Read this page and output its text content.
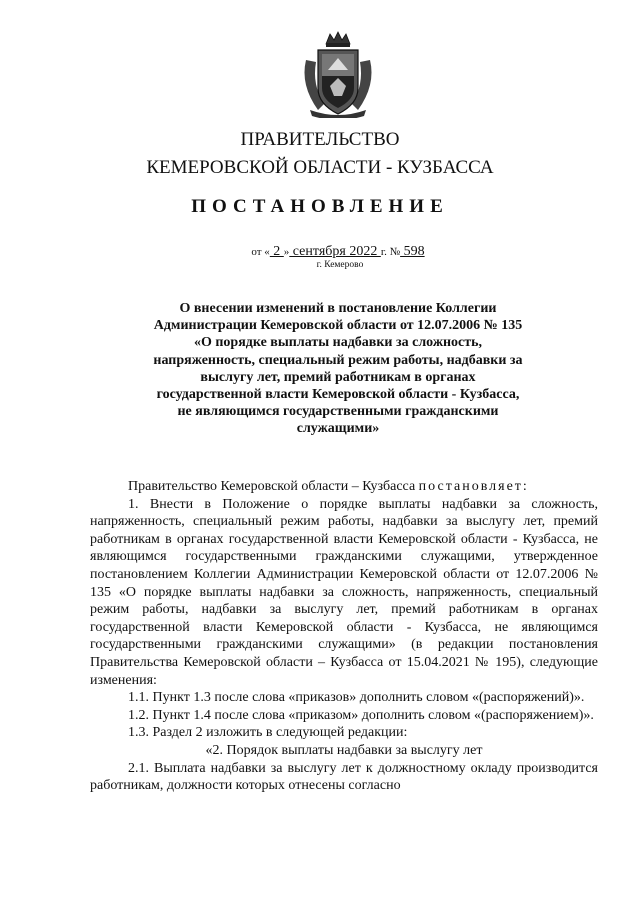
ПРАВИТЕЛЬСТВО
КЕМЕРОВСКОЙ ОБЛАСТИ - КУЗБАССА
ПОСТАНОВЛЕНИЕ
от « 2 » сентября 2022 г. № 598
г. Кемерово
О внесении изменений в постановление Коллегии Администрации Кемеровской области от 12.07.2006 № 135 «О порядке выплаты надбавки за сложность, напряженность, специальный режим работы, надбавки за выслугу лет, премий работникам в органах государственной власти Кемеровской области - Кузбасса, не являющимся государственными гражданскими служащими»

Правительство Кемеровской области – Кузбасса постановляет:

1. Внести в Положение о порядке выплаты надбавки за сложность, напряженность, специальный режим работы, надбавки за выслугу лет, премий работникам в органах государственной власти Кемеровской области - Кузбасса, не являющимся государственными гражданскими служащими, утвержденное постановлением Коллегии Администрации Кемеровской области от 12.07.2006 № 135 «О порядке выплаты надбавки за сложность, напряженность, специальный режим работы, надбавки за выслугу лет, премий работникам в органах государственной власти Кемеровской области - Кузбасса, не являющимся государственными гражданскими служащими» (в редакции постановления Правительства Кемеровской области – Кузбасса от 15.04.2021 № 195), следующие изменения:

1.1. Пункт 1.3 после слова «приказов» дополнить словом «(распоряжений)».

1.2. Пункт 1.4 после слова «приказом» дополнить словом «(распоряжением)».

1.3. Раздел 2 изложить в следующей редакции:

«2. Порядок выплаты надбавки за выслугу лет

2.1. Выплата надбавки за выслугу лет к должностному окладу производится работникам, должности которых отнесены согласно
